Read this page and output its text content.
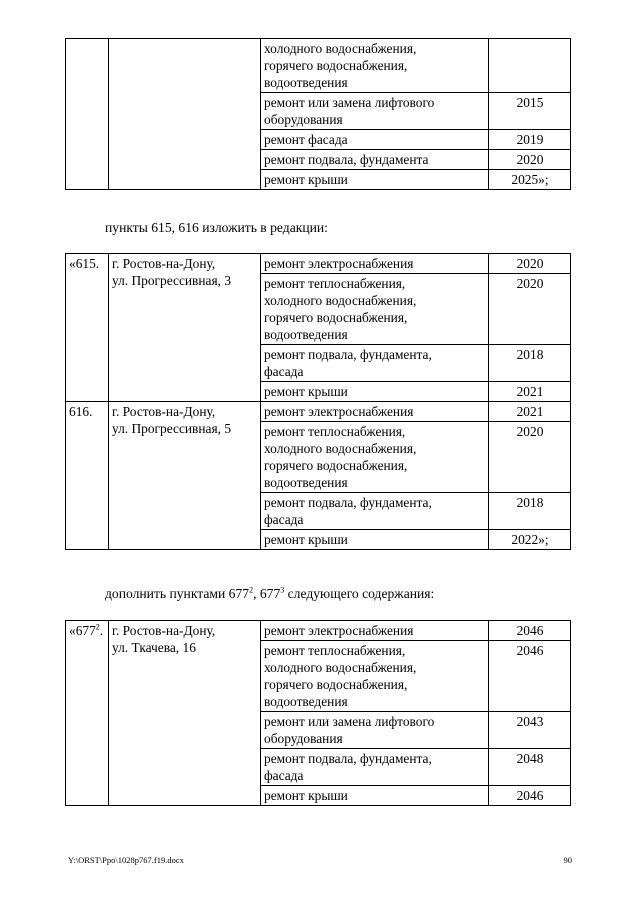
		холодного водоснабжения,
горячего водоснабжения,
водоотведения	
		ремонт или замена лифтового
оборудования	2015
		ремонт фасада	2019
		ремонт подвала, фундамента	2020
		ремонт крыши	2025»;
пункты 615, 616 изложить в редакции:
«615.	г. Ростов-на-Дону,
ул. Прогрессивная, 3	ремонт электроснабжения	2020
		ремонт теплоснабжения,
холодного водоснабжения,
горячего водоснабжения,
водоотведения	2020
		ремонт подвала, фундамента,
фасада	2018
		ремонт крыши	2021
616.	г. Ростов-на-Дону,
ул. Прогрессивная, 5	ремонт электроснабжения	2021
		ремонт теплоснабжения,
холодного водоснабжения,
горячего водоснабжения,
водоотведения	2020
		ремонт подвала, фундамента,
фасада	2018
		ремонт крыши	2022»;
дополнить пунктами $677^2$, $677^3$ следующего содержания:
«$677^2$.	г. Ростов-на-Дону,
ул. Ткачева, 16	ремонт электроснабжения	2046
		ремонт теплоснабжения,
холодного водоснабжения,
горячего водоснабжения,
водоотведения	2046
		ремонт или замена лифтового
оборудования	2043
		ремонт подвала, фундамента,
фасада	2048
		ремонт крыши	2046
Y:\ORST\Ppo\1028p767.f19.docx	90
